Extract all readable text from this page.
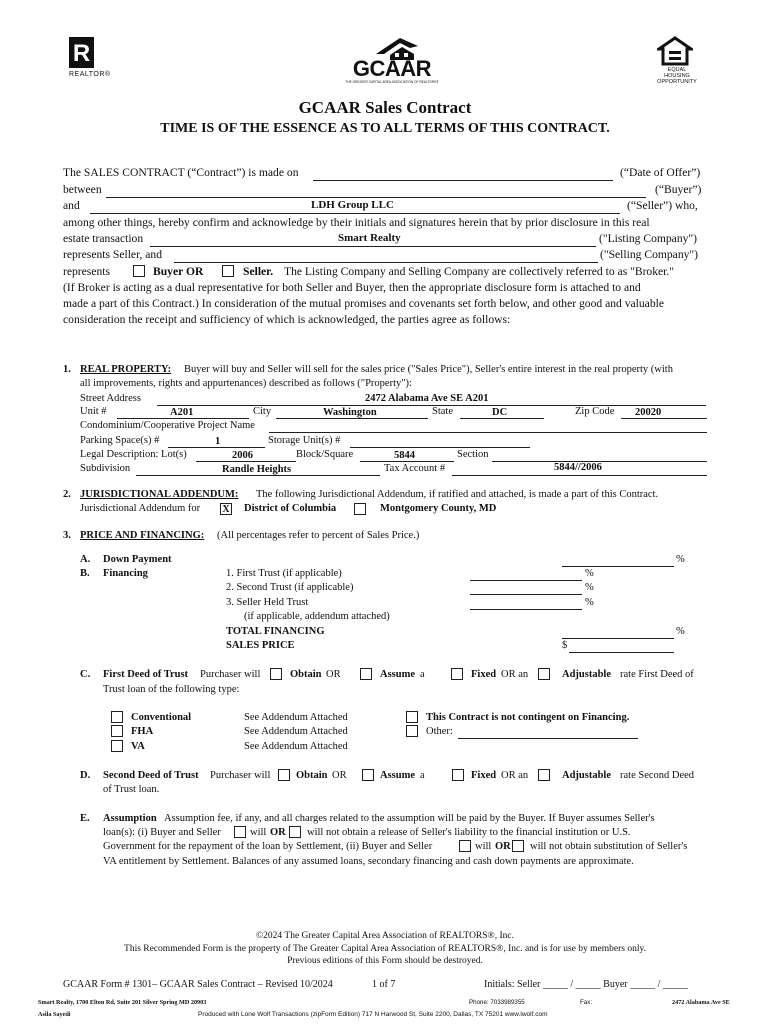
R
REALTOR®	GCAAR
THE GREATER CAPITAL AREA ASSOCIATION OF REALTORS®
EQUAL HOUSING OPPORTUNITY
GCAAR Sales Contract
TIME IS OF THE ESSENCE AS TO ALL TERMS OF THIS CONTRACT.
The SALES CONTRACT (“Contract”) is made on	(“Date of Offer”)
between	(“Buyer”)
and	LDH Group LLC	(“Seller”) who,
among other things, hereby confirm and acknowledge by their initials and signatures herein that by prior disclosure in this real
estate transaction	Smart Realty	("Listing Company")
represents Seller, and	("Selling Company")
represents	Buyer OR	Seller. The Listing Company and Selling Company are collectively referred to as "Broker."
(If Broker is acting as a dual representative for both Seller and Buyer, then the appropriate disclosure form is attached to and
made a part of this Contract.) In consideration of the mutual promises and covenants set forth below, and other good and valuable
consideration the receipt and sufficiency of which is acknowledged, the parties agree as follows:
1. REAL PROPERTY: Buyer will buy and Seller will sell for the sales price ("Sales Price"), Seller's entire interest in the real property (with
all improvements, rights and appurtenances) described as follows ("Property"):
Street Address	2472 Alabama Ave SE A201
Unit #	A201	City	Washington	State	DC	Zip Code 20020
Condominium/Cooperative Project Name
Parking Space(s) #	1	Storage Unit(s) #
Legal Description: Lot(s)	2006	Block/Square	5844	Section
Subdivision	Randle Heights	Tax Account #	5844//2006
2. JURISDICTIONAL ADDENDUM: The following Jurisdictional Addendum, if ratified and attached, is made a part of this Contract.
Jurisdictional Addendum for X District of Columbia	Montgomery County, MD
3. PRICE AND FINANCING: (All percentages refer to percent of Sales Price.)
A. Down Payment	%
B. Financing	1. First Trust (if applicable)	%
2. Second Trust (if applicable)	%
3. Seller Held Trust	%
(if applicable, addendum attached)
TOTAL FINANCING	%
SALES PRICE	$
C. First Deed of Trust Purchaser will	Obtain OR	Assume a	Fixed OR an	Adjustable rate First Deed of
Trust loan of the following type:
Conventional	See Addendum Attached
FHA	See Addendum Attached
VA	See Addendum Attached
This Contract is not contingent on Financing.
Other:
D. Second Deed of Trust Purchaser will Obtain OR	Assume a	Fixed OR an	Adjustable rate Second Deed
of Trust loan.
E. Assumption Assumption fee, if any, and all charges related to the assumption will be paid by the Buyer. If Buyer assumes Seller's
loan(s): (i) Buyer and Seller	will OR will not obtain a release of Seller's liability to the financial institution or U.S.
Government for the repayment of the loan by Settlement, (ii) Buyer and Seller	will OR will not obtain substitution of Seller's
VA entitlement by Settlement. Balances of any assumed loans, secondary financing and cash down payments are approximate.
©2024 The Greater Capital Area Association of REALTORS®, Inc.
This Recommended Form is the property of The Greater Capital Area Association of REALTORS®, Inc. and is for use by members only.
Previous editions of this Form should be destroyed.
GCAAR Form # 1301– GCAAR Sales Contract – Revised 10/2024	1 of 7	Initials: Seller _____ / _____ Buyer _____ / _____
Smart Realty, 1700 Elton Rd, Suite 201 Silver Spring MD 20903	Phone: 7033989355	Fax:	2472 Alabama Ave SE
Asila Sayedi	Produced with Lone Wolf Transactions (zipForm Edition) 717 N Harwood St, Suite 2200, Dallas, TX 75201 www.lwolf.com
